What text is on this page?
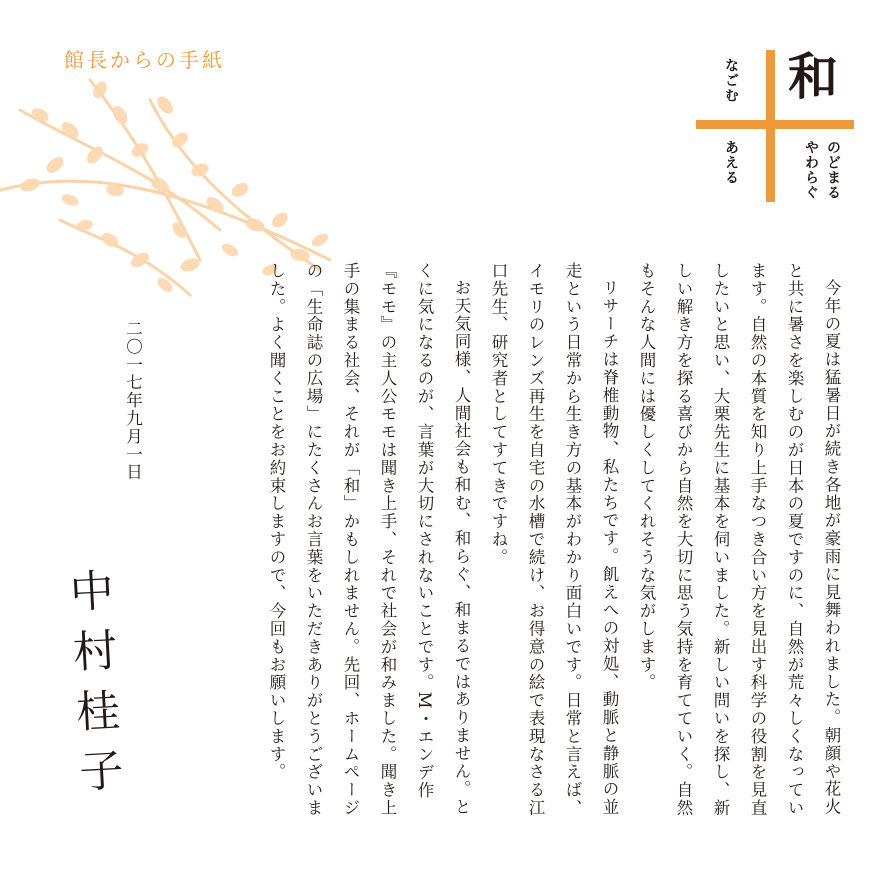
館長からの手紙	和
なごむ
あえる	のどまる
やわらぐ

今年の夏は猛暑日が続き各地が豪雨に見舞われました。朝顔や花火と共に暑さを楽しむのが日本の夏ですのに、自然が荒々しくなっています。自然の本質を知り上手なつき合い方を見出す科学の役割を見直したいと思い、大栗先生に基本を伺いました。新しい問いを探し、新しい解き方を探る喜びから自然を大切に思う気持を育てていく。自然もそんな人間には優しくしてくれそうな気がします。

リサーチは脊椎動物、私たちです。飢えへの対処、動脈と静脈の並走という日常から生き方の基本がわかり面白いです。日常と言えば、イモリのレンズ再生を自宅の水槽で続け、お得意の絵で表現なさる江口先生、研究者としてすてきですね。

お天気同様、人間社会も和む、和らぐ、和まるではありません。とくに気になるのが、言葉が大切にされないことです。M・エンデ作『モモ』の主人公モモは聞き上手、それで社会が和みました。聞き上手の集まる社会、それが「和」かもしれません。先回、ホームページの「生命誌の広場」にたくさんお言葉をいただきありがとうございました。よく聞くことをお約束しますので、今回もお願いします。

二〇一七年九月一日
中村桂子
